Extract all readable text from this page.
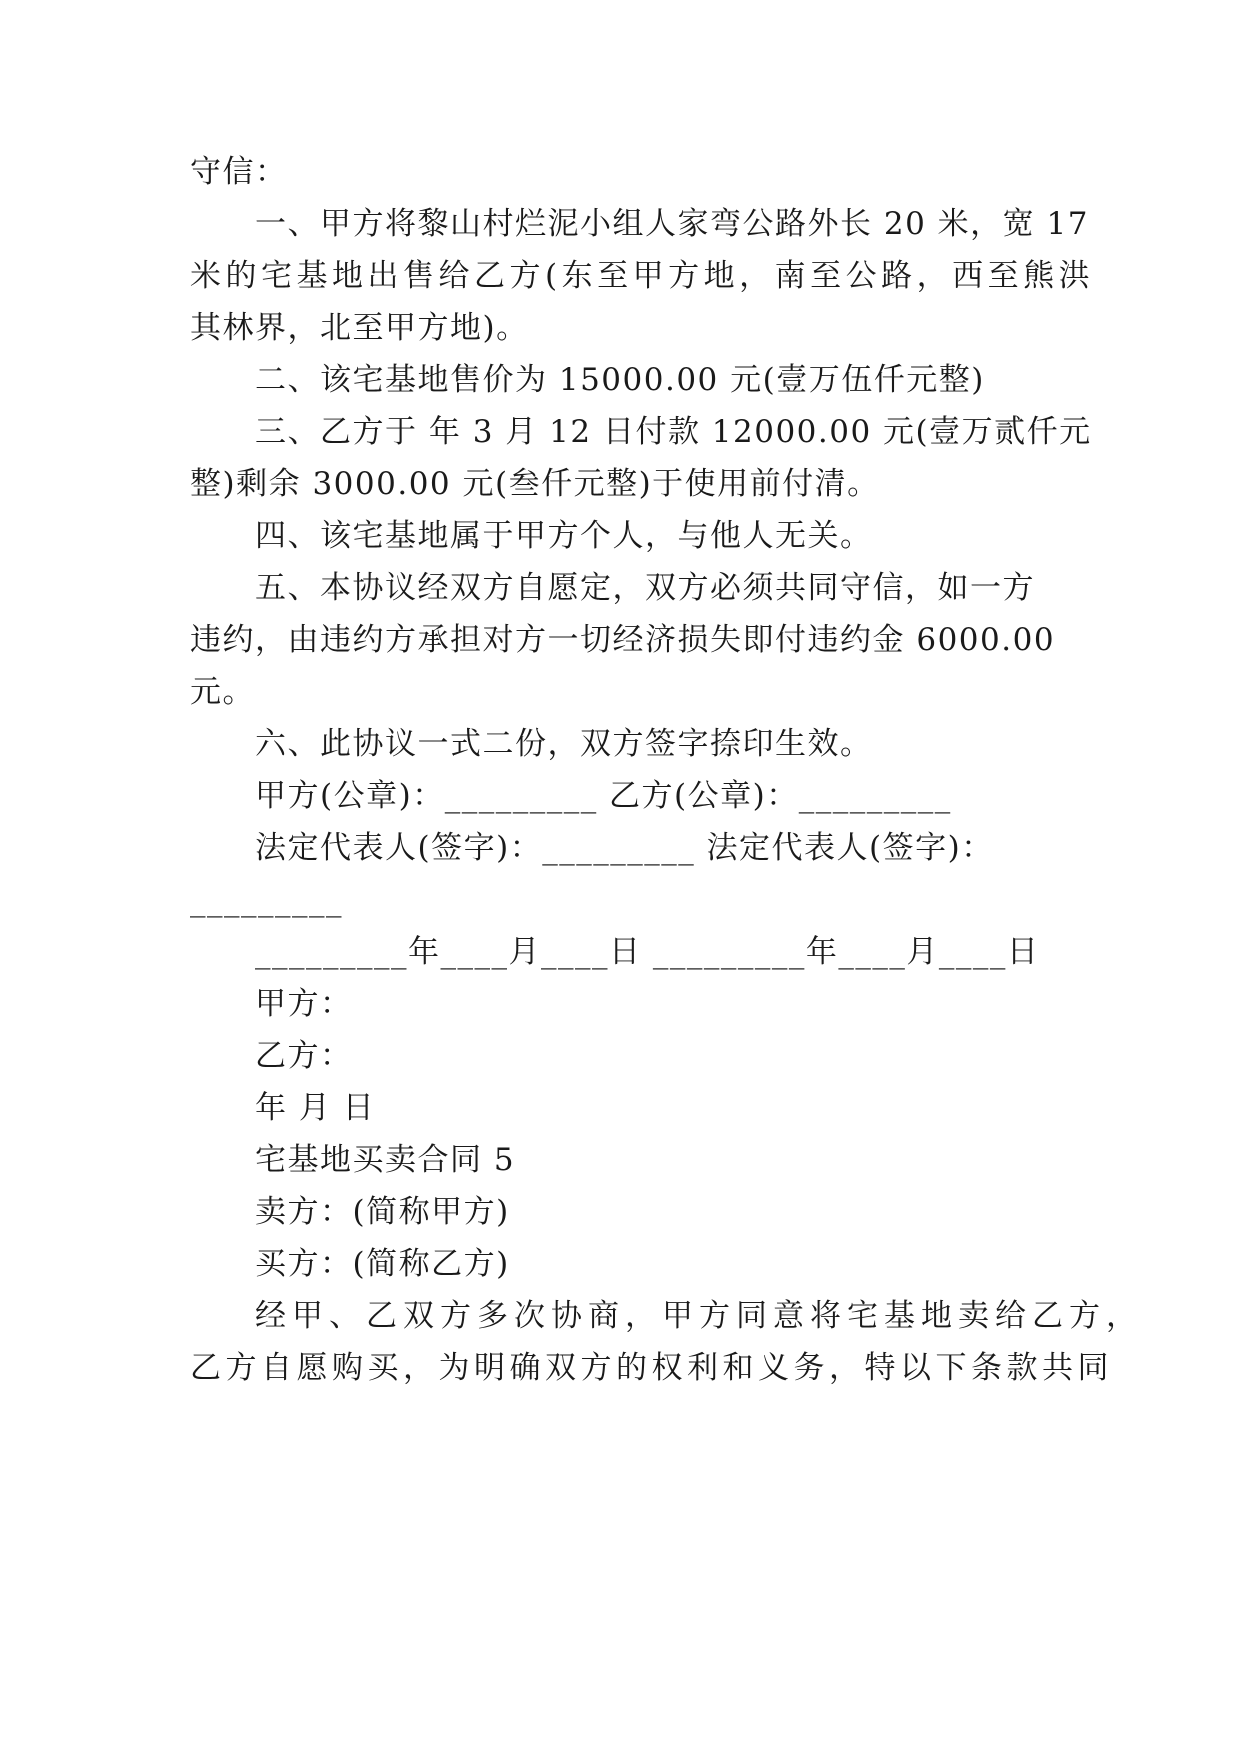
守信：
一、甲方将黎山村烂泥小组人家弯公路外长 20 米，宽 17
米的宅基地出售给乙方(东至甲方地，南至公路，西至熊洪
其林界，北至甲方地)。
二、该宅基地售价为 15000.00 元(壹万伍仟元整)
三、乙方于 年 3 月 12 日付款 12000.00 元(壹万贰仟元
整)剩余 3000.00 元(叁仟元整)于使用前付清。
四、该宅基地属于甲方个人，与他人无关。
五、本协议经双方自愿定，双方必须共同守信，如一方
违约，由违约方承担对方一切经济损失即付违约金 6000.00
元。
六、此协议一式二份，双方签字捺印生效。
甲方(公章)：_________ 乙方(公章)：_________
法定代表人(签字)：_________ 法定代表人(签字)：
_________
_________年____月____日 _________年____月____日
甲方：
乙方：
年 月 日
宅基地买卖合同 5
卖方：(简称甲方)
买方：(简称乙方)
经甲、乙双方多次协商，甲方同意将宅基地卖给乙方，
乙方自愿购买，为明确双方的权利和义务，特以下条款共同
